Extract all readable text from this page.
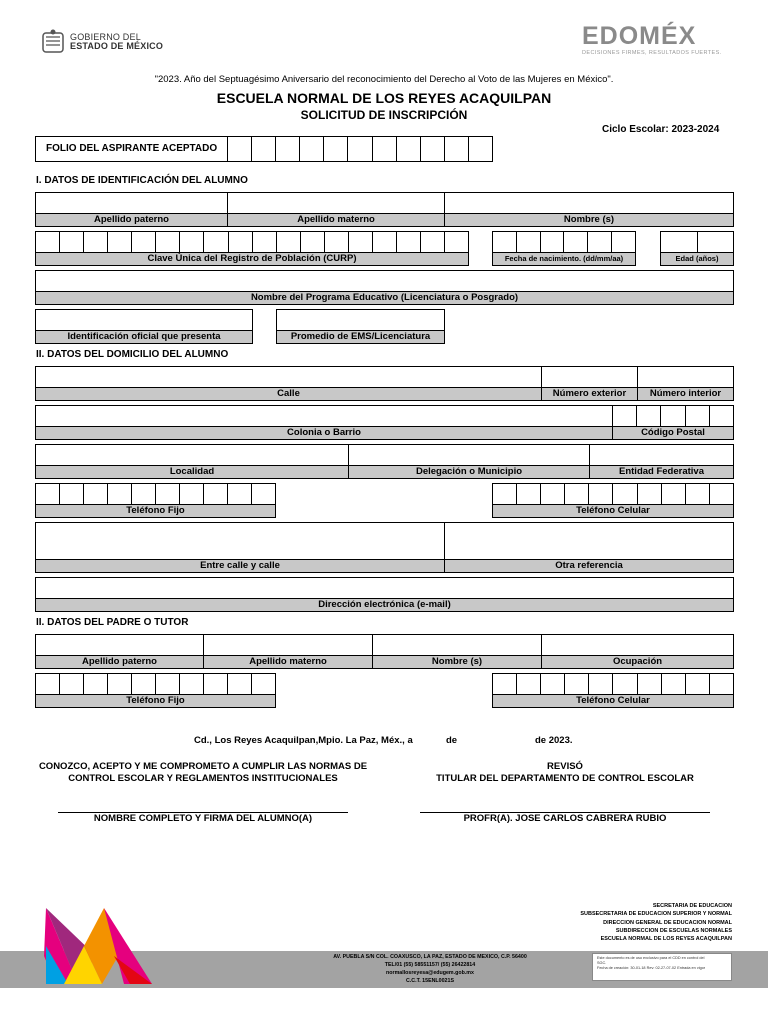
GOBIERNO DEL
ESTADO DE MÉXICO	EDOMÉX
DECISIONES FIRMES, RESULTADOS FUERTES.
"2023. Año del Septuagésimo Aniversario del reconocimiento del Derecho al Voto de las Mujeres en México".
ESCUELA NORMAL DE LOS REYES ACAQUILPAN
SOLICITUD DE INSCRIPCIÓN
Ciclo Escolar: 2023-2024
FOLIO DEL ASPIRANTE ACEPTADO
I. DATOS DE IDENTIFICACIÓN DEL ALUMNO
Apellido paterno	Apellido materno	Nombre (s)
Clave Única del Registro de Población (CURP)	Fecha de nacimiento. (dd/mm/aa)	Edad (años)
Nombre del Programa Educativo (Licenciatura o Posgrado)
Identificación oficial que presenta	Promedio de EMS/Licenciatura
II. DATOS DEL DOMICILIO DEL ALUMNO
Calle	Número exterior	Número interior
Colonia o Barrio	Código Postal
Localidad	Delegación o Municipio	Entidad Federativa
Teléfono Fijo	Teléfono Celular
Entre calle y calle	Otra referencia
Dirección electrónica (e-mail)
II. DATOS DEL PADRE O TUTOR
Apellido paterno	Apellido materno	Nombre (s)	Ocupación
Teléfono Fijo	Teléfono Celular
Cd., Los Reyes Acaquilpan,Mpio. La Paz, Méx., a	de	de 2023.
CONOZCO, ACEPTO Y ME COMPROMETO A CUMPLIR LAS NORMAS DE
CONTROL ESCOLAR Y REGLAMENTOS INSTITUCIONALES
REVISÓ
TITULAR DEL DEPARTAMENTO DE CONTROL ESCOLAR
NOMBRE COMPLETO Y FIRMA DEL ALUMNO(A)	PROFR(A). JOSE CARLOS CABRERA RUBIO
SECRETARIA DE EDUCACION
SUBSECRETARIA DE EDUCACION SUPERIOR Y NORMAL
DIRECCION GENERAL DE EDUCACION NORMAL
SUBDIRECCION DE ESCUELAS NORMALES
ESCUELA NORMAL DE LOS REYES ACAQUILPAN
AV. PUEBLA S/N COL. COAXUSCO, LA PAZ, ESTADO DE MEXICO, C.P. 56400
TEL/01 (55) 58551157/ (55) 26422814
normallosreyesa@edugem.gob.mx
C.C.T. 15ENL0021S
Este documento es de uso exclusivo para el CDD en control del
SGC.
Fecha de creación: 30-01-18 Rev: 02-27-07-02 Entrada en vigor
